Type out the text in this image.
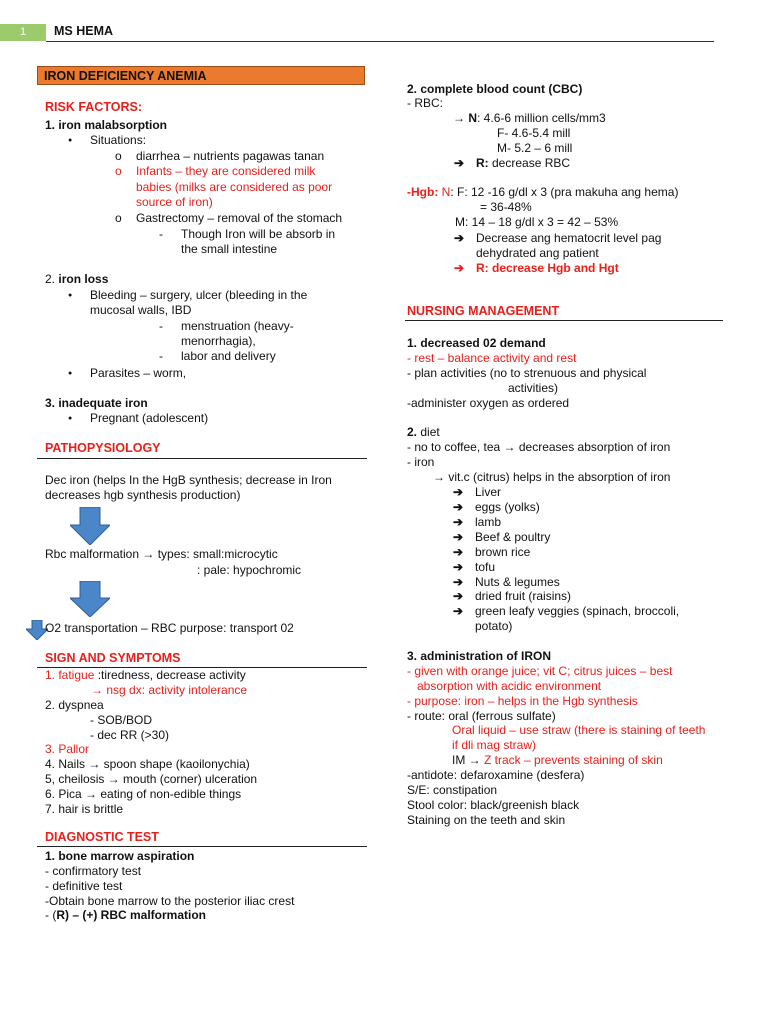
1	MS HEMA
IRON DEFICIENCY ANEMIA
RISK FACTORS:
1. iron malabsorption
● Situations:
o diarrhea – nutrients pagawas tanan
o Infants – they are considered milk
babies (milks are considered as poor
source of iron)
o Gastrectomy – removal of the stomach
- Though Iron will be absorb in
the small intestine
2. iron loss
● Bleeding – surgery, ulcer (bleeding in the
mucosal walls, IBD
- menstruation (heavy-
menorrhagia),
- labor and delivery
● Parasites – worm,
3. inadequate iron
● Pregnant (adolescent)
PATHOPYSIOLOGY
Dec iron (helps In the HgB synthesis; decrease in Iron
decreases hgb synthesis production)
Rbc malformation → types: small:microcytic
: pale: hypochromic
O2 transportation – RBC purpose: transport 02
SIGN AND SYMPTOMS
1. fatigue :tiredness, decrease activity
→ nsg dx: activity intolerance
2. dyspnea
- SOB/BOD
- dec RR (>30)
3. Pallor
4. Nails → spoon shape (kaoilonychia)
5, cheilosis → mouth (corner) ulceration
6. Pica → eating of non-edible things
7. hair is brittle
DIAGNOSTIC TEST
1. bone marrow aspiration
- confirmatory test
- definitive test
-Obtain bone marrow to the posterior iliac crest
- (R) – (+) RBC malformation
2. complete blood count (CBC)
- RBC:
→ N: 4.6-6 million cells/mm3
F- 4.6-5.4 mill
M- 5.2 – 6 mill
➔ R: decrease RBC
-Hgb: N: F: 12 -16 g/dl x 3 (pra makuha ang hema)
= 36-48%
M: 14 – 18 g/dl x 3 = 42 – 53%
➔ Decrease ang hematocrit level pag
dehydrated ang patient
➔ R: decrease Hgb and Hgt
NURSING MANAGEMENT
1. decreased 02 demand
- rest – balance activity and rest
- plan activities (no to strenuous and physical
activities)
-administer oxygen as ordered
2. diet
- no to coffee, tea → decreases absorption of iron
- iron
→ vit.c (citrus) helps in the absorption of iron
➔ Liver
➔ eggs (yolks)
➔ lamb
➔ Beef & poultry
➔ brown rice
➔ tofu
➔ Nuts & legumes
➔ dried fruit (raisins)
➔ green leafy veggies (spinach, broccoli,
potato)
3. administration of IRON
- given with orange juice; vit C; citrus juices – best
absorption with acidic environment
- purpose: iron – helps in the Hgb synthesis
- route: oral (ferrous sulfate)
Oral liquid – use straw (there is staining of teeth
if dli mag straw)
IM → Z track – prevents staining of skin
-antidote: defaroxamine (desfera)
S/E: constipation
Stool color: black/greenish black
Staining on the teeth and skin
